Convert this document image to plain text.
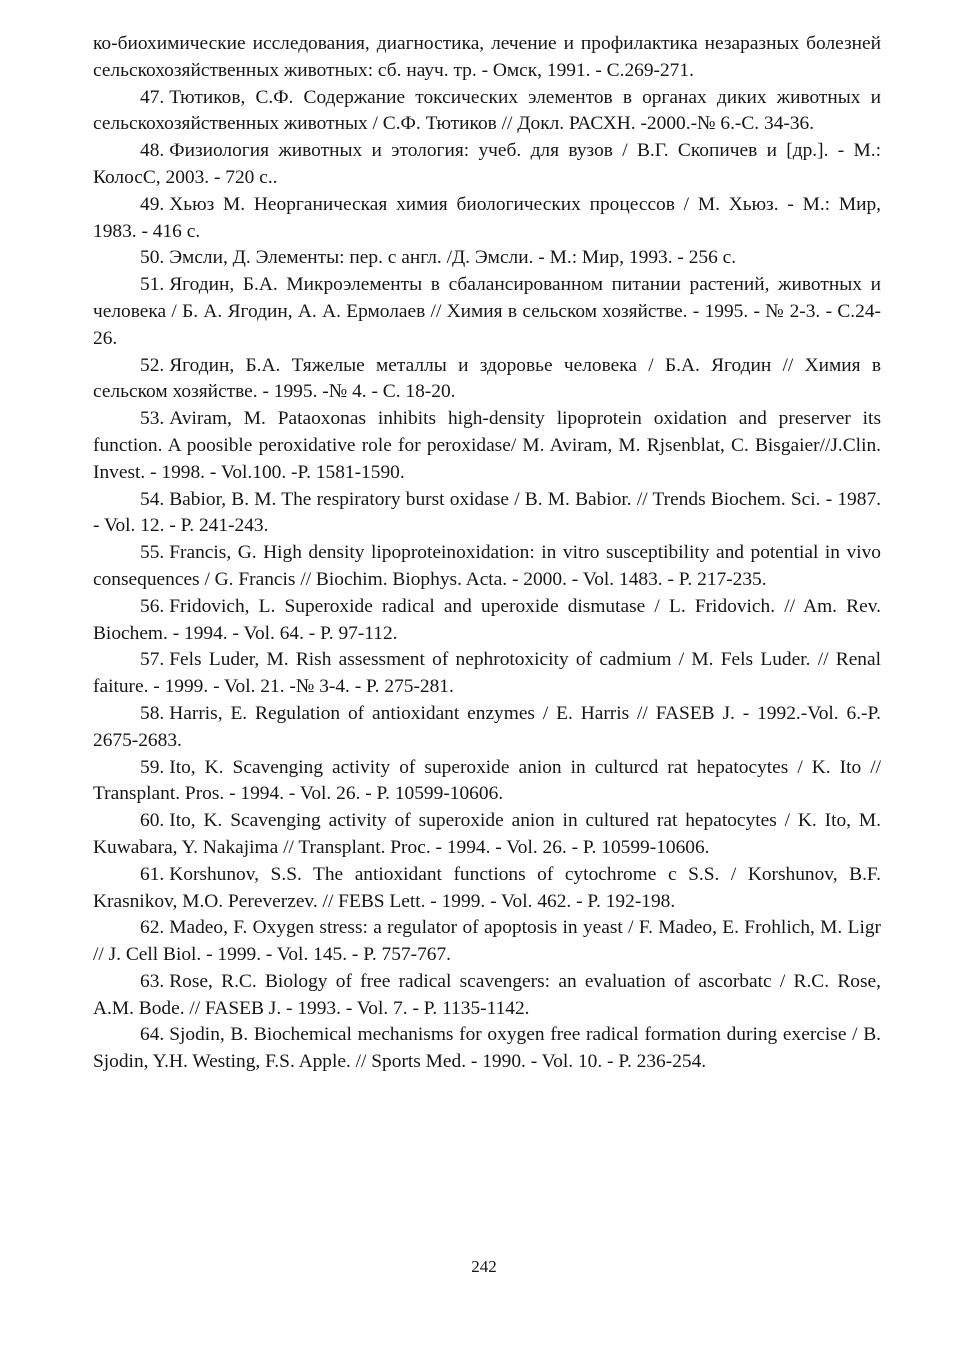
ко-биохимические исследования, диагностика, лечение и профилактика незаразных болезней сельскохозяйственных животных: сб. науч. тр. - Омск, 1991. - С.269-271.
47. Тютиков, С.Ф. Содержание токсических элементов в органах диких животных и сельскохозяйственных животных / С.Ф. Тютиков // Докл. РАСХН. -2000.-№ 6.-С. 34-36.
48. Физиология животных и этология: учеб. для вузов / В.Г. Скопичев и [др.]. - М.: КолосС, 2003. - 720 с..
49. Хьюз М. Неорганическая химия биологических процессов / М. Хьюз. - М.: Мир, 1983. - 416 с.
50. Эмсли, Д. Элементы: пер. с англ. /Д. Эмсли. - М.: Мир, 1993. - 256 с.
51. Ягодин, Б.А. Микроэлементы в сбалансированном питании растений, животных и человека / Б. А. Ягодин, А. А. Ермолаев // Химия в сельском хозяйстве. - 1995. - № 2-3. - С.24-26.
52. Ягодин, Б.А. Тяжелые металлы и здоровье человека / Б.А. Ягодин // Химия в сельском хозяйстве. - 1995. -№ 4. - С. 18-20.
53. Aviram, M. Pataoxonas inhibits high-density lipoprotein oxidation and preserver its function. A poosible peroxidative role for peroxidase/ M. Aviram, M. Rjsenblat, C. Bisgaier//J.Clin. Invest. - 1998. - Vol.100. -P. 1581-1590.
54. Babior, B. M. The respiratory burst oxidase / B. M. Babior. // Trends Biochem. Sci. - 1987. - Vol. 12. - P. 241-243.
55. Francis, G. High density lipoproteinoxidation: in vitro susceptibility and potential in vivo consequences / G. Francis // Biochim. Biophys. Acta. - 2000. - Vol. 1483. - P. 217-235.
56. Fridovich, L. Superoxide radical and uperoxide dismutase / L. Fridovich. // Am. Rev. Biochem. - 1994. - Vol. 64. - P. 97-112.
57. Fels Luder, M. Rish assessment of nephrotoxicity of cadmium / M. Fels Luder. // Renal faiture. - 1999. - Vol. 21. -№ 3-4. - P. 275-281.
58. Harris, E. Regulation of antioxidant enzymes / E. Harris // FASEB J. - 1992.-Vol. 6.-P. 2675-2683.
59. Ito, K. Scavenging activity of superoxide anion in culturcd rat hepatocytes / K. Ito // Transplant. Pros. - 1994. - Vol. 26. - P. 10599-10606.
60. Ito, K. Scavenging activity of superoxide anion in cultured rat hepatocytes / K. Ito, M. Kuwabara, Y. Nakajima // Transplant. Proc. - 1994. - Vol. 26. - P. 10599-10606.
61. Korshunov, S.S. The antioxidant functions of cytochrome c S.S. / Korshunov, B.F. Krasnikov, M.O. Pereverzev. // FEBS Lett. - 1999. - Vol. 462. - P. 192-198.
62. Madeo, F. Oxygen stress: a regulator of apoptosis in yeast / F. Madeo, E. Frohlich, M. Ligr // J. Cell Biol. - 1999. - Vol. 145. - P. 757-767.
63. Rose, R.C. Biology of free radical scavengers: an evaluation of ascorbatc / R.C. Rose, A.M. Bode. // FASEB J. - 1993. - Vol. 7. - P. 1135-1142.
64. Sjodin, B. Biochemical mechanisms for oxygen free radical formation during exercise / B. Sjodin, Y.H. Westing, F.S. Apple. // Sports Med. - 1990. - Vol. 10. - P. 236-254.
242
